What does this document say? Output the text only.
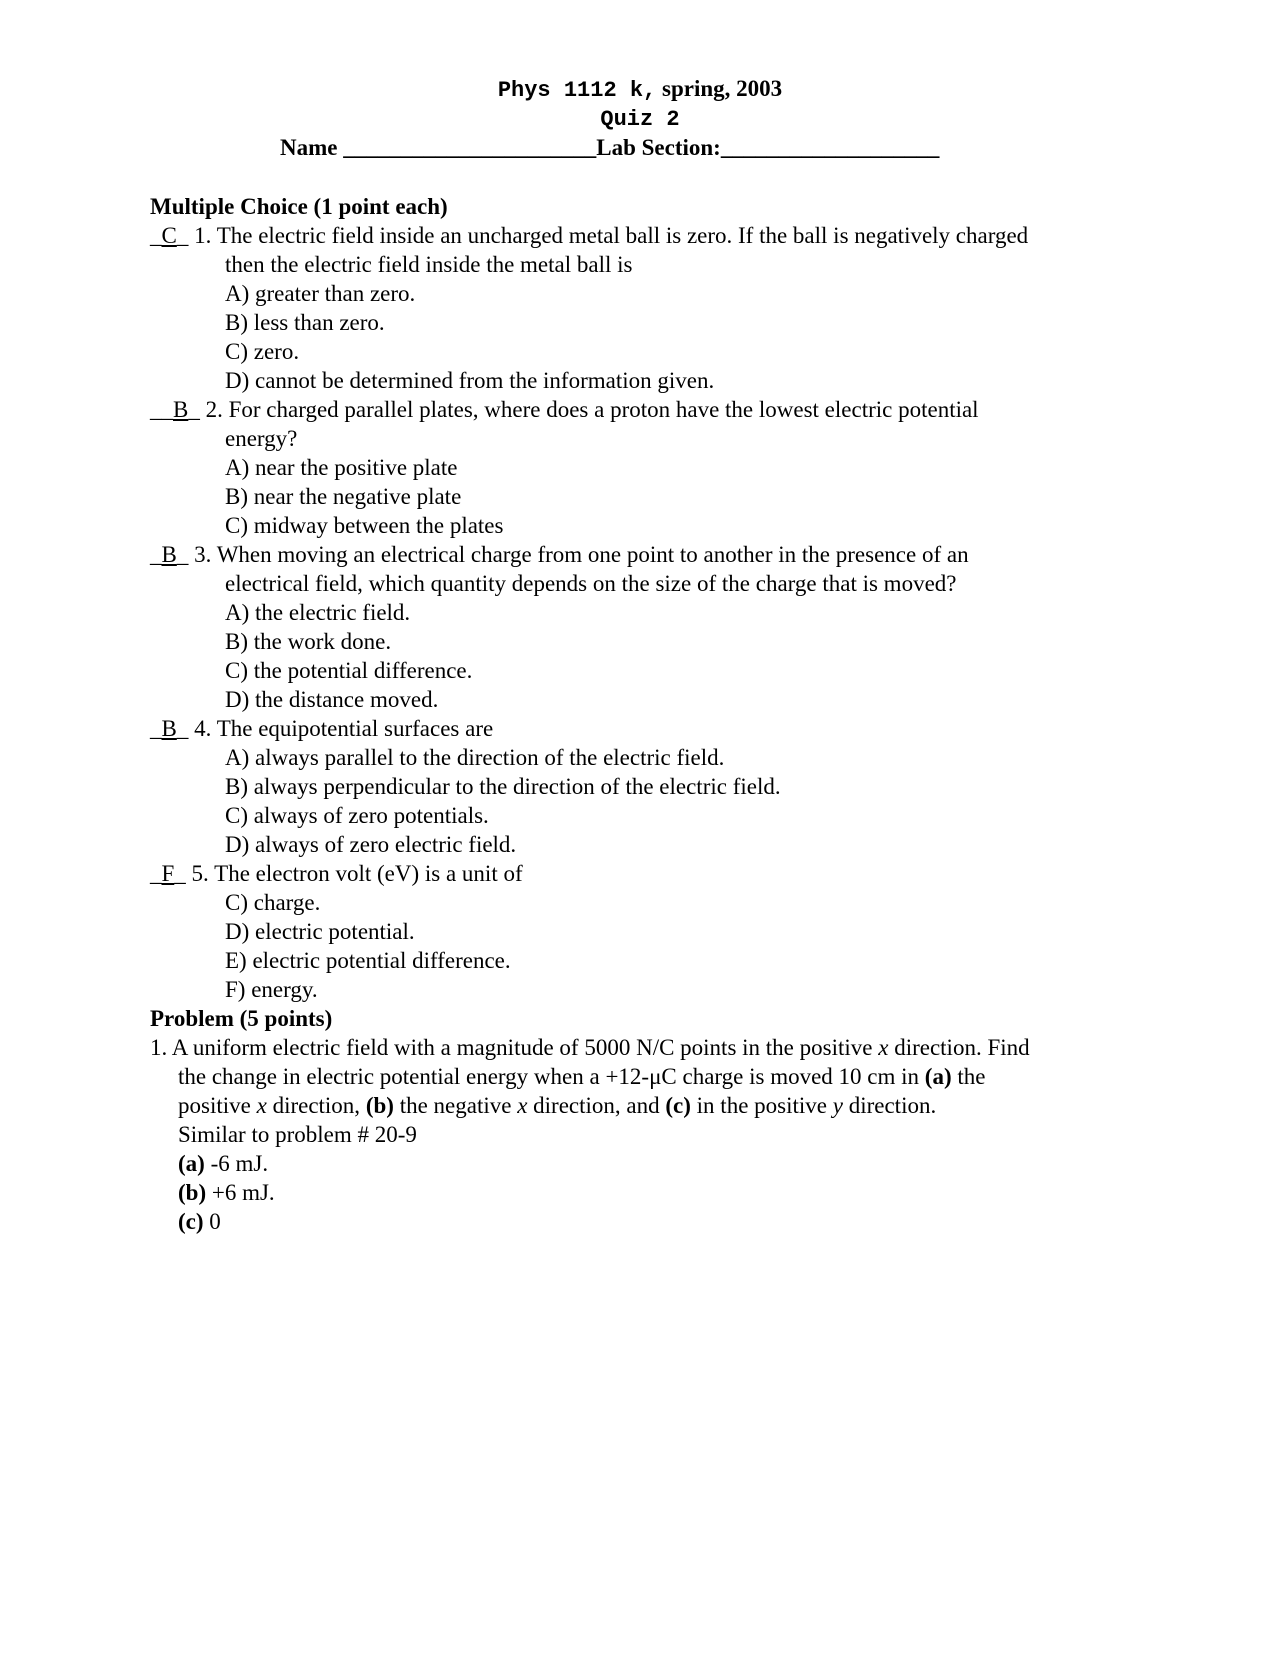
Phys 1112 k, spring, 2003
Quiz 2
Name ______________________Lab Section:___________________
Multiple Choice (1 point each)
_C_ 1. The electric field inside an uncharged metal ball is zero. If the ball is negatively charged
then the electric field inside the metal ball is
A) greater than zero.
B) less than zero.
C) zero.
D) cannot be determined from the information given.
__B_ 2. For charged parallel plates, where does a proton have the lowest electric potential
energy?
A) near the positive plate
B) near the negative plate
C) midway between the plates
_B_ 3. When moving an electrical charge from one point to another in the presence of an
electrical field, which quantity depends on the size of the charge that is moved?
A) the electric field.
B) the work done.
C) the potential difference.
D) the distance moved.
_B_ 4. The equipotential surfaces are
A) always parallel to the direction of the electric field.
B) always perpendicular to the direction of the electric field.
C) always of zero potentials.
D) always of zero electric field.
_F_ 5. The electron volt (eV) is a unit of
C) charge.
D) electric potential.
E) electric potential difference.
F) energy.
Problem (5 points)
1. A uniform electric field with a magnitude of 5000 N/C points in the positive x direction. Find
the change in electric potential energy when a +12-μC charge is moved 10 cm in (a) the
positive x direction, (b) the negative x direction, and (c) in the positive y direction.
Similar to problem # 20-9
(a) -6 mJ.
(b) +6 mJ.
(c) 0
